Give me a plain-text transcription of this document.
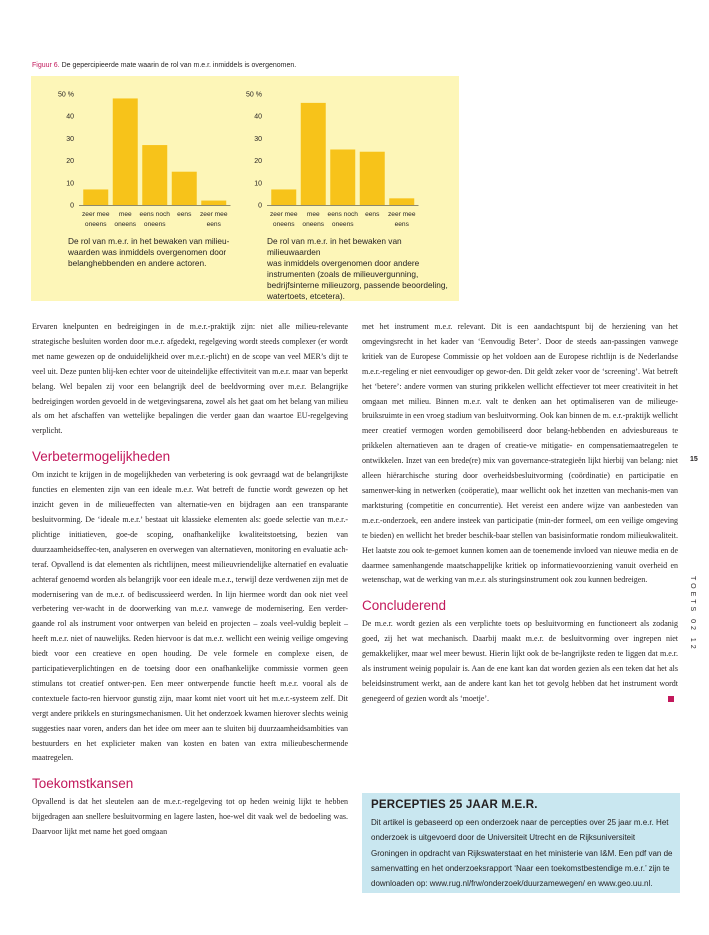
Figuur 6. De gepercipieerde mate waarin de rol van m.e.r. inmiddels is overgenomen.
0
10
20
30
40
50 %
zeer mee
oneens
mee
oneens
eens noch
oneens
eens zeer mee
eens
De rol van m.e.r. in het bewaken van milieu-
waarden was inmiddels overgenomen door
belanghebbenden en andere actoren.
0
10
20
30
40
50 %
zeer mee
oneens
mee
oneens
eens noch
oneens
eens zeer mee
eens
De rol van m.e.r. in het bewaken van milieuwaarden
was inmiddels overgenomen door andere
instrumenten (zoals de milieuvergunning,
bedrijfsinterne milieuzorg, passende beoordeling,
watertoets, etcetera).

Ervaren knelpunten en bedreigingen in de m.e.r.-praktijk zijn: niet alle milieu-relevante strategische besluiten worden door m.e.r. afgedekt, regelgeving wordt steeds complexer (er wordt met name gewezen op de onduidelijkheid over m.e.r.-plicht) en de scope van veel MER’s dijt te veel uit. Deze punten blij-ken echter voor de uiteindelijke effectiviteit van m.e.r. maar van beperkt belang. Wel bepalen zij voor een belangrijk deel de beeldvorming over m.e.r. Belangrijke bedreigingen worden gevoeld in de wetgevingsarena, zowel als het gaat om het belang van milieu als om het afschaffen van wettelijke bepalingen die verder gaan dan waartoe EU-regelgeving verplicht.

Verbetermogelijkheden

Om inzicht te krijgen in de mogelijkheden van verbetering is ook gevraagd wat de belangrijkste functies en elementen zijn van een ideale m.e.r. Wat betreft de functie wordt gewezen op het inzicht geven in de milieueffecten van alternatie-ven en bijdragen aan een transparante besluitvorming. De ‘ideale m.e.r.’ bestaat uit klassieke elementen als: goede selectie van m.e.r.-plichtige initiatieven, goe-de scoping, onafhankelijke kwaliteitstoetsing, bezien van duurzaamheidseffec-ten, analyseren en overwegen van alternatieven, monitoring en evaluatie ach-teraf. Opvallend is dat elementen als richtlijnen, meest milieuvriendelijke alternatief en evaluatie achteraf genoemd worden als belangrijk voor een ideale m.e.r., terwijl deze verdwenen zijn met de modernisering van de m.e.r. of bediscussieerd werden. In lijn hiermee wordt dan ook niet veel verbetering ver-wacht in de doorwerking van m.e.r. vanwege de modernisering. Een verder-gaande rol als instrument voor ontwerpen van beleid en projecten – zoals veel-vuldig bepleit – heeft m.e.r. niet of nauwelijks. Reden hiervoor is dat m.e.r. wellicht een weinig veilige omgeving biedt voor een creatieve en open houding. De vele formele en complexe eisen, de participatieverplichtingen en de toetsing door een onafhankelijke commissie vormen geen stimulans tot creatief ontwer-pen. Een meer ontwerpende functie heeft m.e.r. vooral als de contextuele facto-ren hiervoor gunstig zijn, maar komt niet voort uit het m.e.r.-systeem zelf. Dit vergt andere prikkels en sturingsmechanismen. Uit het onderzoek kwamen hierover slechts weinig suggesties naar voren, anders dan het idee om meer aan te sluiten bij duurzaamheidsambities van bestuurders en het explicieter maken van kosten en baten van extra milieubeschermende maatregelen.

Toekomstkansen

Opvallend is dat het sleutelen aan de m.e.r.-regelgeving tot op heden weinig lijkt te hebben bijgedragen aan snellere besluitvorming en lagere lasten, hoe-wel dit vaak wel de bedoeling was. Daarvoor lijkt met name het goed omgaan

met het instrument m.e.r. relevant. Dit is een aandachtspunt bij de herziening van het omgevingsrecht in het kader van ‘Eenvoudig Beter’. Door de steeds aan-passingen vanwege kritiek van de Europese Commissie op het voldoen aan de Europese richtlijn is de Nederlandse m.e.r.-regeling er niet eenvoudiger op gewor-den. Dit geldt zeker voor de ‘screening’. Wat betreft het ‘betere’: andere vormen van sturing prikkelen wellicht effectiever tot meer creativiteit in het omgaan met milieu. Binnen m.e.r. valt te denken aan het optimaliseren van de milieuge-bruiksruimte in een vroeg stadium van besluitvorming. Ook kan binnen de m. e.r.-praktijk wellicht meer creatief vermogen worden gemobiliseerd door belang-hebbenden en adviesbureaus te prikkelen alternatieven aan te dragen of creatie-ve mitigatie- en compensatiemaatregelen te ontwikkelen. Inzet van een brede(re) mix van governance-strategieën lijkt hierbij van belang: niet alleen hiërarchische sturing door overheidsbesluitvorming (coördinatie) en participatie en samenwer-king in netwerken (coöperatie), maar wellicht ook het inzetten van mechanis-men van marktsturing (competitie en concurrentie). Het vereist een andere wijze van aanbesteden van m.e.r.-onderzoek, een andere insteek van participatie (min-der formeel, om een veilige omgeving te bieden) en wellicht het breder beschik-baar stellen van basisinformatie rondom milieukwaliteit. Het laatste zou ook te-gemoet kunnen komen aan de toenemende invloed van nieuwe media en de daarmee samenhangende maatschappelijke kritiek op informatievoorziening vanuit overheid en wetenschap, wat de werking van m.e.r. als sturingsinstrument ook zou kunnen bedreigen.

Concluderend

De m.e.r. wordt gezien als een verplichte toets op besluitvorming en functioneert als zodanig goed, zij het wat mechanisch. Daarbij maakt m.e.r. de besluitvorming over ingrepen niet gemakkelijker, maar wel meer bewust. Hierin lijkt ook de be-langrijkste reden te liggen dat m.e.r. als instrument weinig populair is. Aan de ene kant kan dat worden gezien als een teken dat het als beleidsinstrument werkt, aan de andere kant kan het tot gevolg hebben dat het instrument wordt genegeerd of gezien wordt als ‘moetje’.

PERCEPTIES 25 JAAR M.E.R.

Dit artikel is gebaseerd op een onderzoek naar de percepties over 25 jaar m.e.r. Het onderzoek is uitgevoerd door de Universiteit Utrecht en de Rijksuniversiteit Groningen in opdracht van Rijkswaterstaat en het ministerie van I&M. Een pdf van de samenvatting en het onderzoeksrapport ‘Naar een toekomstbestendige m.e.r.’ zijn te downloaden op: www.rug.nl/frw/onderzoek/duurzamewegen/ en www.geo.uu.nl.

15
TOETS 02 12
